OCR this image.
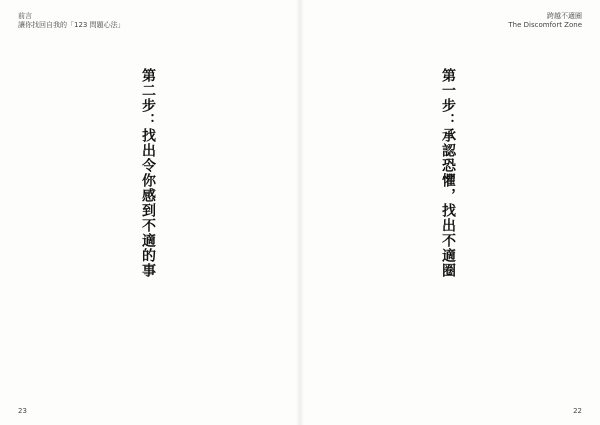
前言
讓你找回自我的「123 問題心法」
23
跨越不適圈
The Discomfort Zone
22
第二步：找出令你感到不適的事	第一步：承認恐懼，找出不適圈
